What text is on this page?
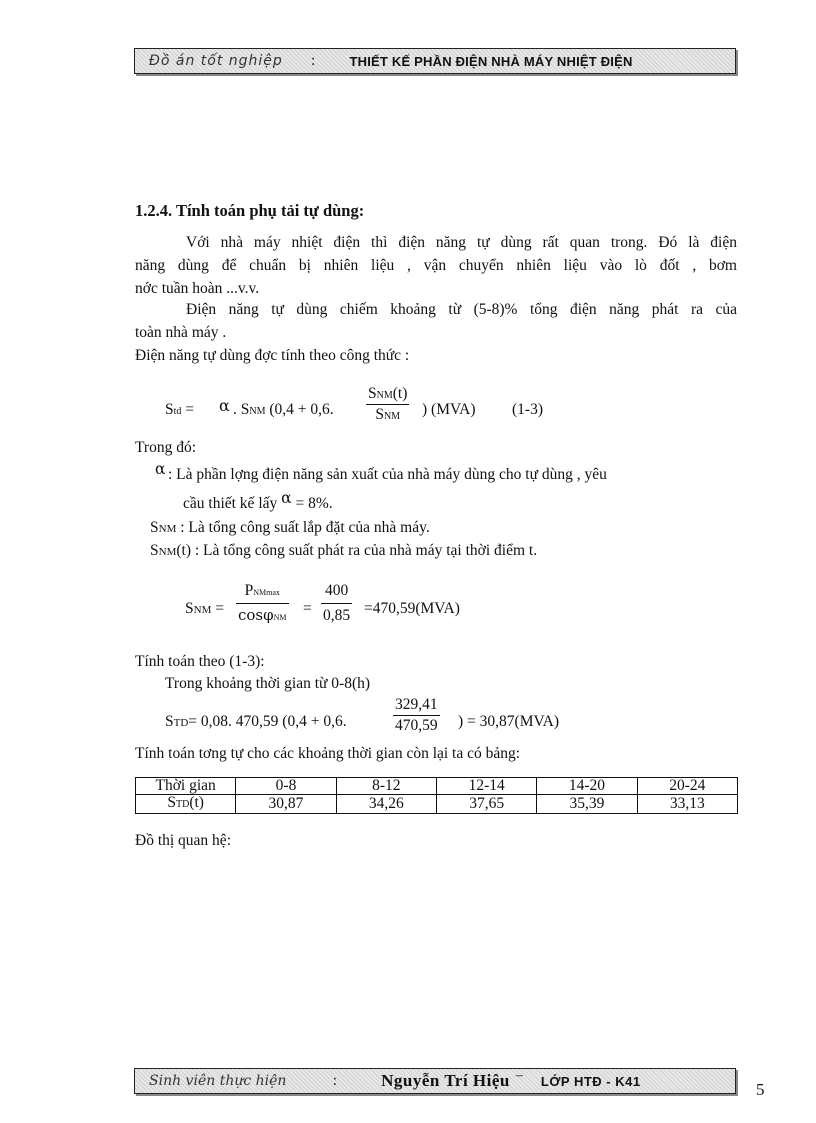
Đồ án tốt nghiệp :	THIẾT KẾ PHẦN ĐIỆN NHÀ MÁY NHIỆT ĐIỆN
1.2.4. Tính toán phụ tải tự dùng:
Với nhà máy nhiệt điện thì điện năng tự dùng rất quan trong. Đó là điện
năng dùng để chuẩn bị nhiên liệu , vận chuyển nhiên liệu vào lò đốt , bơm
nớc tuần hoàn ...v.v.
Điện năng tự dùng chiếm khoảng từ (5-8)% tổng điện năng phát ra của
toàn nhà máy .
Điện năng tự dùng đợc tính theo công thức :
Std = α . SNM (0,4 + 0,6.
SNM(t)
SNM	) (MVA) (1-3)
Trong đó:
α : Là phần lợng điện năng sản xuất của nhà máy dùng cho tự dùng , yêu
cầu thiết kế lấy α = 8%.
SNM : Là tổng công suất lắp đặt của nhà máy.
SNM(t) : Là tổng công suất phát ra của nhà máy tại thời điểm t.
SNM =
PNMmax
$\cos\varphi NM = \frac{400}{0,85} =470,59(MVA)$
Tính toán theo (1-3):
Trong khoảng thời gian từ 0-8(h)
STD= 0,08. 470,59 (0,4 + 0,6.	$\frac{329,41}{470,59}$ ) = 30,87(MVA)
Tính toán tơng tự cho các khoảng thời gian còn lại ta có bảng:
Thời gian	0-8	8-12	12-14	14-20	20-24
STD(t)	30,87	34,26	37,65	35,39	33,13
Đồ thị quan hệ:
Sinh viên thực hiện	:	Nguyễn Trí Hiệu – LỚP HTĐ - K41	5
